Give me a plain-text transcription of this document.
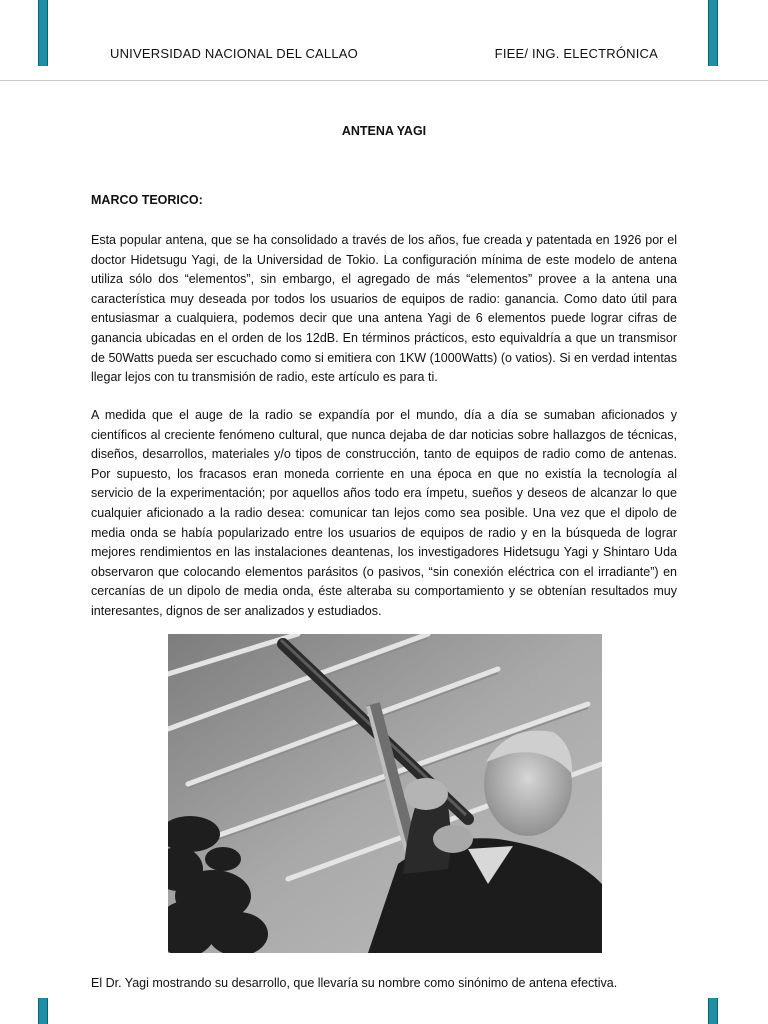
UNIVERSIDAD NACIONAL DEL CALLAO	FIEE/ ING. ELECTRÓNICA
ANTENA YAGI
MARCO TEORICO:

Esta popular antena, que se ha consolidado a través de los años, fue creada y patentada en 1926 por el doctor Hidetsugu Yagi, de la Universidad de Tokio. La configuración mínima de este modelo de antena utiliza sólo dos “elementos”, sin embargo, el agregado de más “elementos” provee a la antena una característica muy deseada por todos los usuarios de equipos de radio: ganancia. Como dato útil para entusiasmar a cualquiera, podemos decir que una antena Yagi de 6 elementos puede lograr cifras de ganancia ubicadas en el orden de los 12dB. En términos prácticos, esto equivaldría a que un transmisor de 50Watts pueda ser escuchado como si emitiera con 1KW (1000Watts) (o vatios). Si en verdad intentas llegar lejos con tu transmisión de radio, este artículo es para ti.

A medida que el auge de la radio se expandía por el mundo, día a día se sumaban aficionados y científicos al creciente fenómeno cultural, que nunca dejaba de dar noticias sobre hallazgos de técnicas, diseños, desarrollos, materiales y/o tipos de construcción, tanto de equipos de radio como de antenas. Por supuesto, los fracasos eran moneda corriente en una época en que no existía la tecnología al servicio de la experimentación; por aquellos años todo era ímpetu, sueños y deseos de alcanzar lo que cualquier aficionado a la radio desea: comunicar tan lejos como sea posible. Una vez que el dipolo de media onda se había popularizado entre los usuarios de equipos de radio y en la búsqueda de lograr mejores rendimientos en las instalaciones deantenas, los investigadores Hidetsugu Yagi y Shintaro Uda observaron que colocando elementos parásitos (o pasivos, “sin conexión eléctrica con el irradiante”) en cercanías de un dipolo de media onda, éste alteraba su comportamiento y se obtenían resultados muy interesantes, dignos de ser analizados y estudiados.

El Dr. Yagi mostrando su desarrollo, que llevaría su nombre como sinónimo de antena efectiva.
